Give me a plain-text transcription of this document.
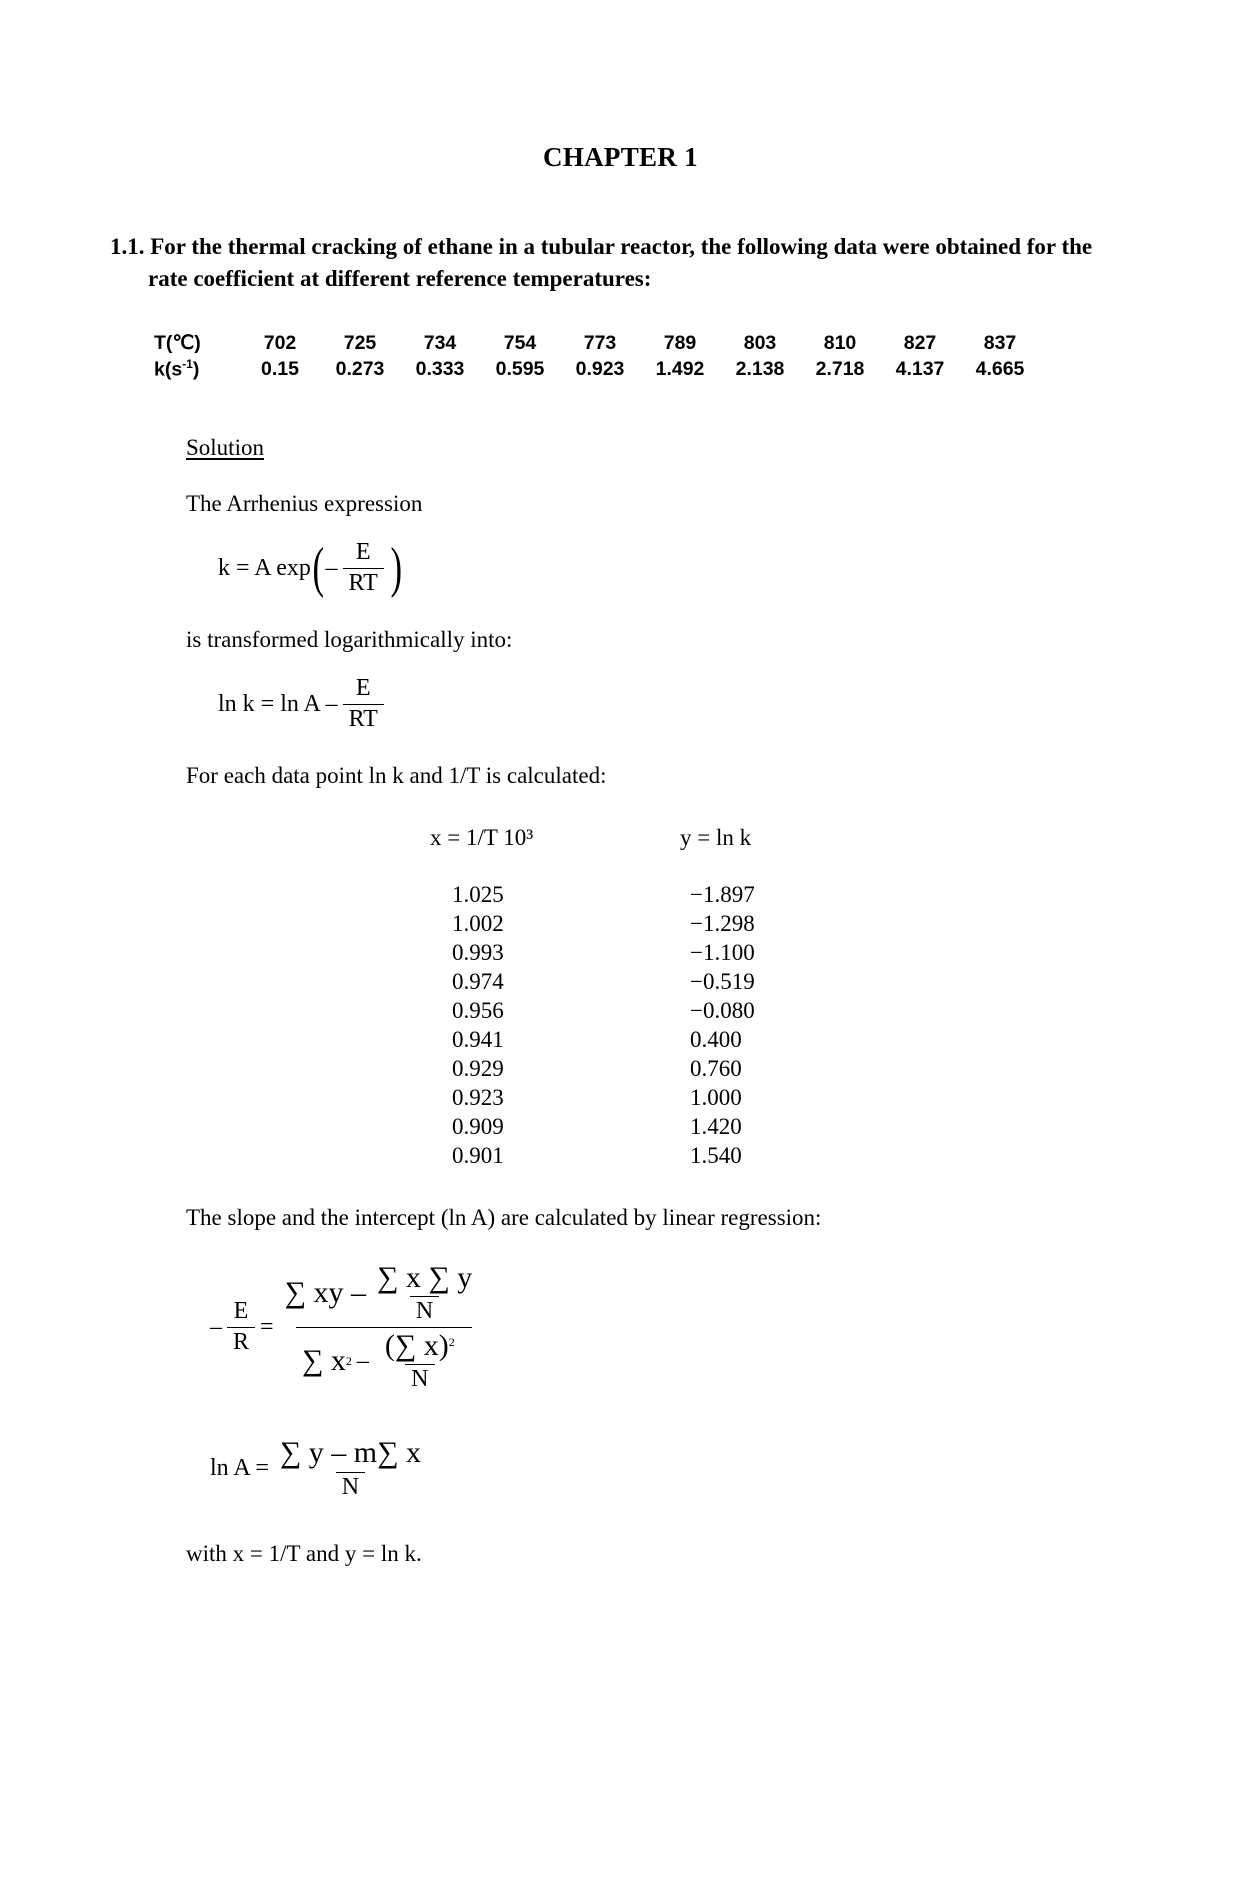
CHAPTER 1
1.1. For the thermal cracking of ethane in a tubular reactor, the following data were obtained for the rate coefficient at different reference temperatures:
T(℃)	702	725	734	754	773	789	803	810	827	837
$k(s^{-1})$	0.15	0.273	0.333	0.595	0.923	1.492	2.138	2.718	4.137	4.665
Solution
The Arrhenius expression
k = A exp ( – $\frac{E}{RT}$ )
is transformed logarithmically into:
$\ln k = \ln A - \frac{E}{RT}$
For each data point ln k and 1/T is calculated:
x = 1/T 10³	y = ln k
1.025	−1.897
1.002	−1.298
0.993	−1.100
0.974	−0.519
0.956	−0.080
0.941	0.400
0.929	0.760
0.923	1.000
0.909	1.420
0.901	1.540
The slope and the intercept (ln A) are calculated by linear regression:
– $\frac{E}{R}$ =
∑ xy – $\frac{\sum x \sum y}{N}$
∑ x $2 - \frac{(\sum x)^2}{N}$
$\ln A = \frac{\sum y - m\sum x}{N}$
with x = 1/T and y = ln k.
